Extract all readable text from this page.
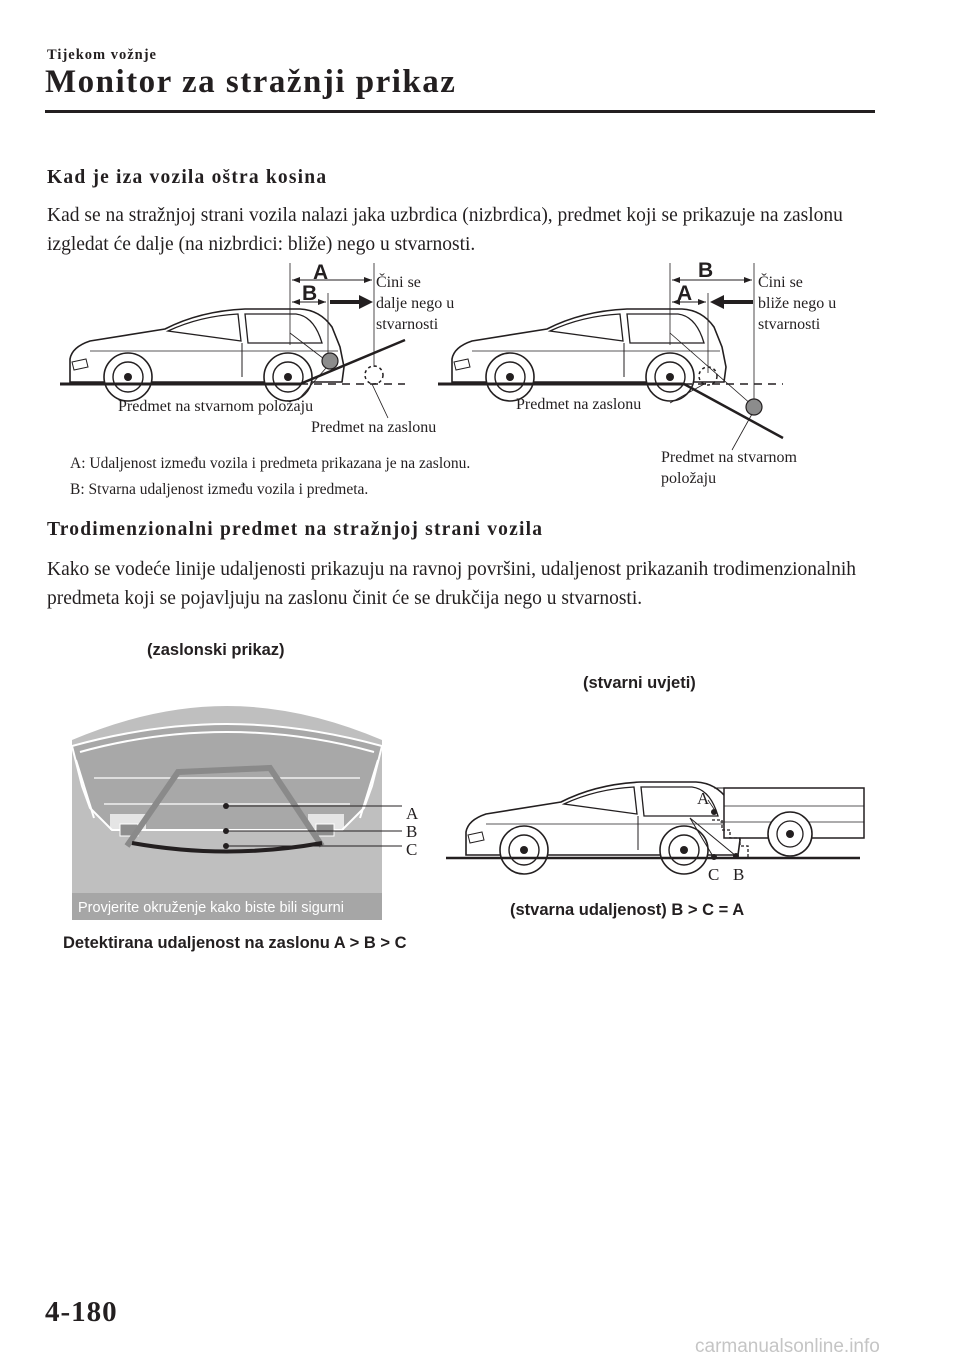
Tijekom vožnje
Monitor za stražnji prikaz
Kad je iza vozila oštra kosina
Kad se na stražnjoj strani vozila nalazi jaka uzbrdica (nizbrdica), predmet koji se prikazuje na zaslonu izgledat će dalje (na nizbrdici: bliže) nego u stvarnosti.
A
B	Čini se
dalje nego u
stvarnosti
Predmet na stvarnom položaju
Predmet na zaslonu
B
A	Čini se
bliže nego u
stvarnosti
Predmet na zaslonu
Predmet na stvarnom
položaju
A: Udaljenost između vozila i predmeta prikazana je na zaslonu.
B: Stvarna udaljenost između vozila i predmeta.
Trodimenzionalni predmet na stražnjoj strani vozila
Kako se vodeće linije udaljenosti prikazuju na ravnoj površini, udaljenost prikazanih trodimenzionalnih predmeta koji se pojavljuju na zaslonu činit će se drukčija nego u stvarnosti.
(zaslonski prikaz)
Provjerite okruženje kako biste bili sigurni
A
B
C
Detektirana udaljenost na zaslonu A > B > C
(stvarni uvjeti)
A
C B
(stvarna udaljenost) B > C = A
4-180
carmanualsonline.info
